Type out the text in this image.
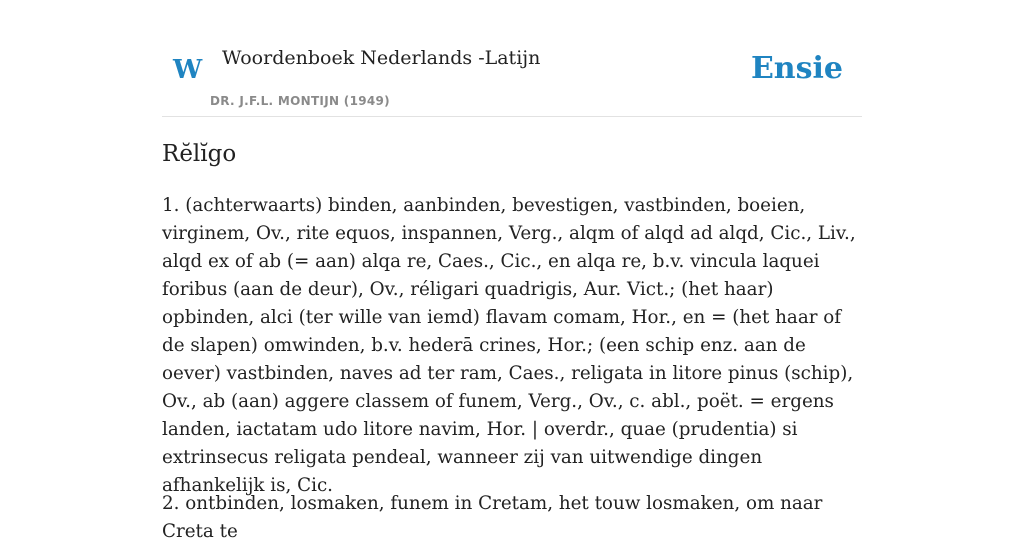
W Woordenboek Nederlands -Latijn
DR. J.F.L. MONTIJN (1949)
Ensie
Rĕlĭgo

1. (achterwaarts) binden, aanbinden, bevestigen, vastbinden, boeien, virginem, Ov., rite equos, inspannen, Verg., alqm of alqd ad alqd, Cic., Liv., alqd ex of ab (= aan) alqa re, Caes., Cic., en alqa re, b.v. vincula laquei foribus (aan de deur), Ov., réligari quadrigis, Aur. Vict.; (het haar) opbinden, alci (ter wille van iemd) flavam comam, Hor., en = (het haar of de slapen) omwinden, b.v. hederā crines, Hor.; (een schip enz. aan de oever) vastbinden, naves ad ter ram, Caes., religata in litore pinus (schip), Ov., ab (aan) aggere classem of funem, Verg., Ov., c. abl., poët. = ergens landen, iactatam udo litore navim, Hor. | overdr., quae (prudentia) si extrinsecus religata pendeal, wanneer zij van uitwendige dingen afhankelijk is, Cic.

2. ontbinden, losmaken, funem in Cretam, het touw losmaken, om naar Creta te
